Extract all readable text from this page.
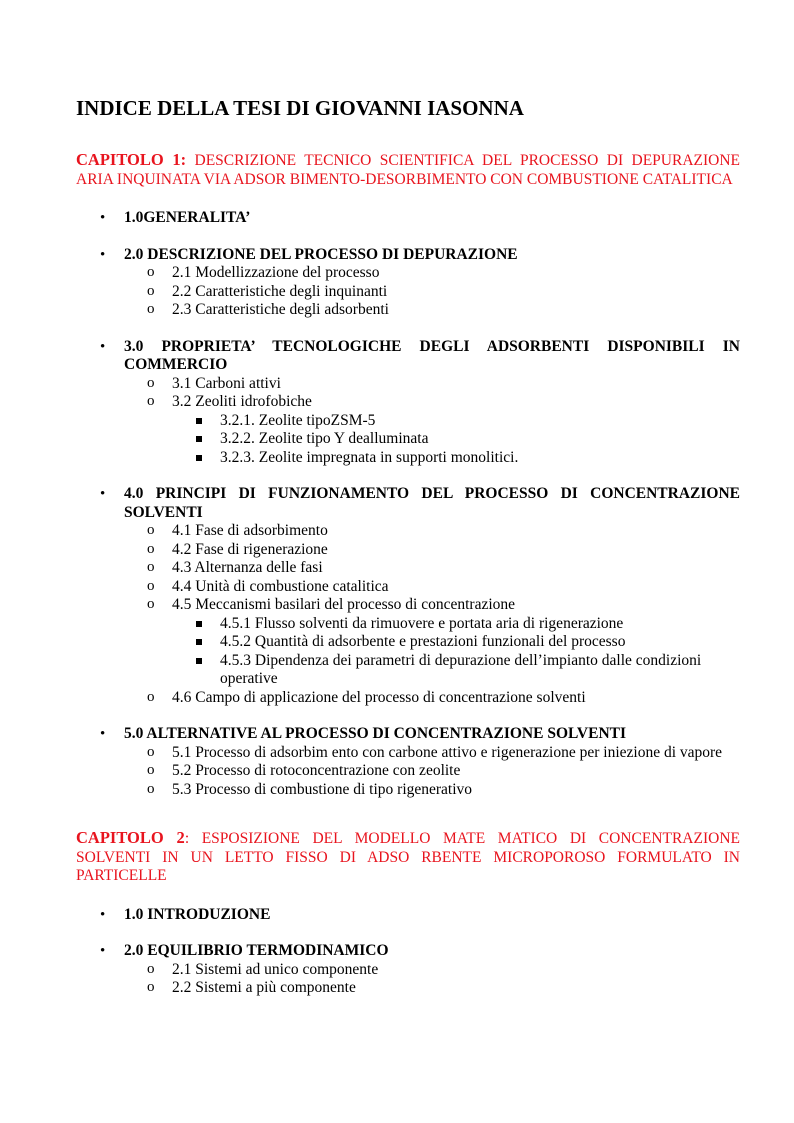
INDICE DELLA TESI DI GIOVANNI IASONNA

CAPITOLO 1: DESCRIZIONE TECNICO SCIENTIFICA DEL PROCESSO DI DEPURAZIONE ARIA INQUINATA VIA ADSOR BIMENTO-DESORBIMENTO CON COMBUSTIONE CATALITICA

• 1.0GENERALITA’
• 2.0 DESCRIZIONE DEL PROCESSO DI DEPURAZIONE
o 2.1 Modellizzazione del processo
o 2.2 Caratteristiche degli inquinanti
o 2.3 Caratteristiche degli adsorbenti
• 3.0 PROPRIETA’ TECNOLOGICHE DEGLI ADSORBENTI DISPONIBILI IN COMMERCIO
o 3.1 Carboni attivi
o 3.2 Zeoliti idrofobiche
3.2.1. Zeolite tipoZSM-5
3.2.2. Zeolite tipo Y dealluminata
3.2.3. Zeolite impregnata in supporti monolitici.
• 4.0 PRINCIPI DI FUNZIONAMENTO DEL PROCESSO DI CONCENTRAZIONE SOLVENTI
o 4.1 Fase di adsorbimento
o 4.2 Fase di rigenerazione
o 4.3 Alternanza delle fasi
o 4.4 Unità di combustione catalitica
o 4.5 Meccanismi basilari del processo di concentrazione
4.5.1 Flusso solventi da rimuovere e portata aria di rigenerazione
4.5.2 Quantità di adsorbente e prestazioni funzionali del processo
4.5.3 Dipendenza dei parametri di depurazione dell’impianto dalle condizioni operative
o 4.6 Campo di applicazione del processo di concentrazione solventi
• 5.0 ALTERNATIVE AL PROCESSO DI CONCENTRAZIONE SOLVENTI
o 5.1 Processo di adsorbim ento con carbone attivo e rigenerazione per iniezione di vapore
o 5.2 Processo di rotoconcentrazione con zeolite
o 5.3 Processo di combustione di tipo rigenerativo

CAPITOLO 2: ESPOSIZIONE DEL MODELLO MATE MATICO DI CONCENTRAZIONE SOLVENTI IN UN LETTO FISSO DI ADSO RBENTE MICROPOROSO FORMULATO IN PARTICELLE

• 1.0 INTRODUZIONE
• 2.0 EQUILIBRIO TERMODINAMICO
o 2.1 Sistemi ad unico componente
o 2.2 Sistemi a più componente
